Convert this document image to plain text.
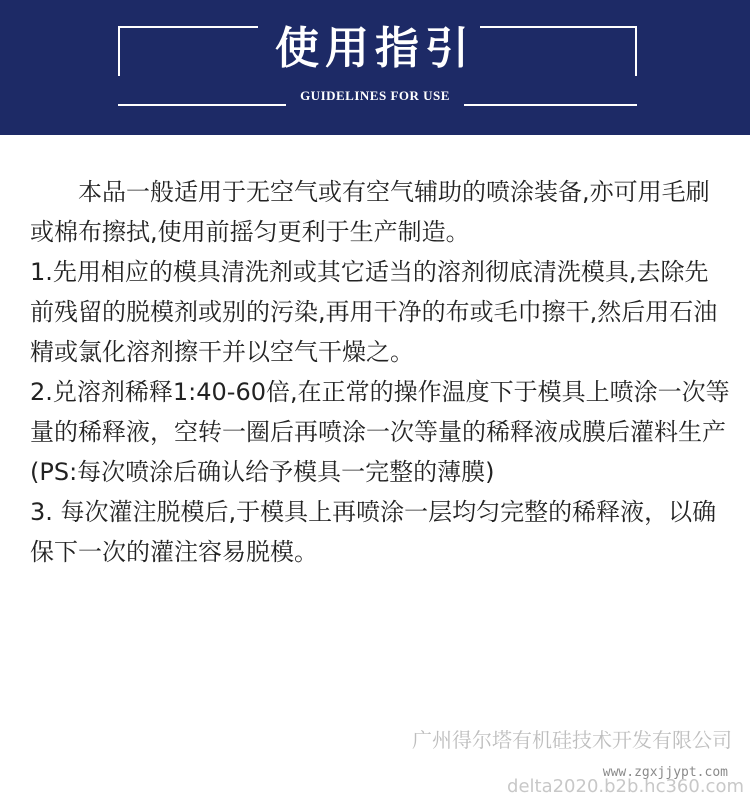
使用指引
GUIDELINES FOR USE

本品一般适用于无空气或有空气辅助的喷涂装备,亦可用毛刷或棉布擦拭,使用前摇匀更利于生产制造。

1.先用相应的模具清洗剂或其它适当的溶剂彻底清洗模具,去除先前残留的脱模剂或别的污染,再用干净的布或毛巾擦干,然后用石油精或氯化溶剂擦干并以空气干燥之。

2.兑溶剂稀释1:40-60倍,在正常的操作温度下于模具上喷涂一次等量的稀释液，空转一圈后再喷涂一次等量的稀释液成膜后灌料生产(PS:每次喷涂后确认给予模具一完整的薄膜)

3. 每次灌注脱模后,于模具上再喷涂一层均匀完整的稀释液，以确保下一次的灌注容易脱模。

广州得尔塔有机硅技术开发有限公司
www.zgxjjypt.com
delta2020.b2b.hc360.com
